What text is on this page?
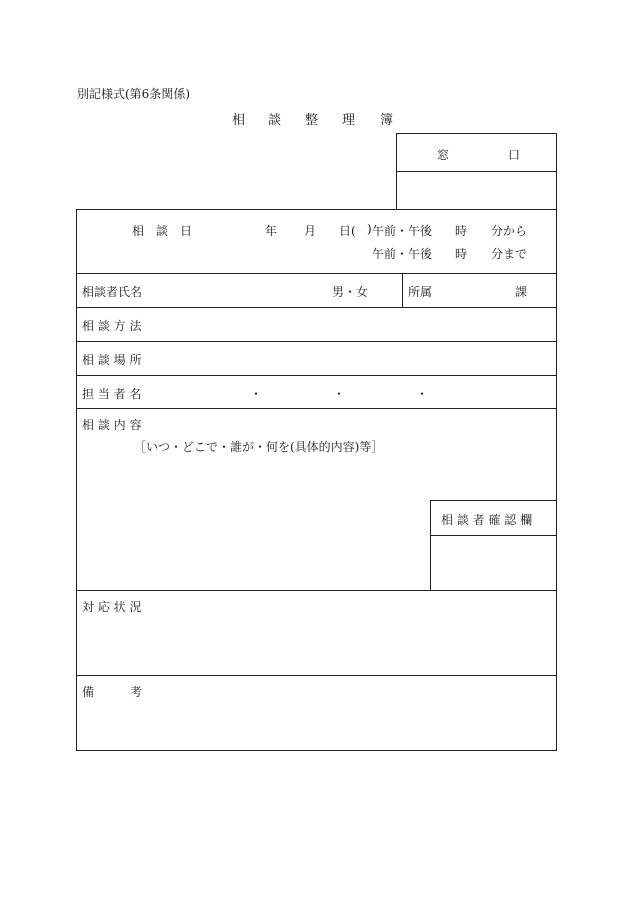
別記様式(第6条関係)
相 談 整 理 簿
窓	口
相　談　日	年 月 日( ) 午前・午後 時 分から
午前・午後 時 分まで
相談者氏名	男・女	所属	課
相 談 方 法
相 談 場 所
担 当 者 名	・	・	・
相 談 内 容
［いつ・どこで・誰が・何を(具体的内容)等］
相 談 者 確 認 欄
対 応 状 況
備	考
